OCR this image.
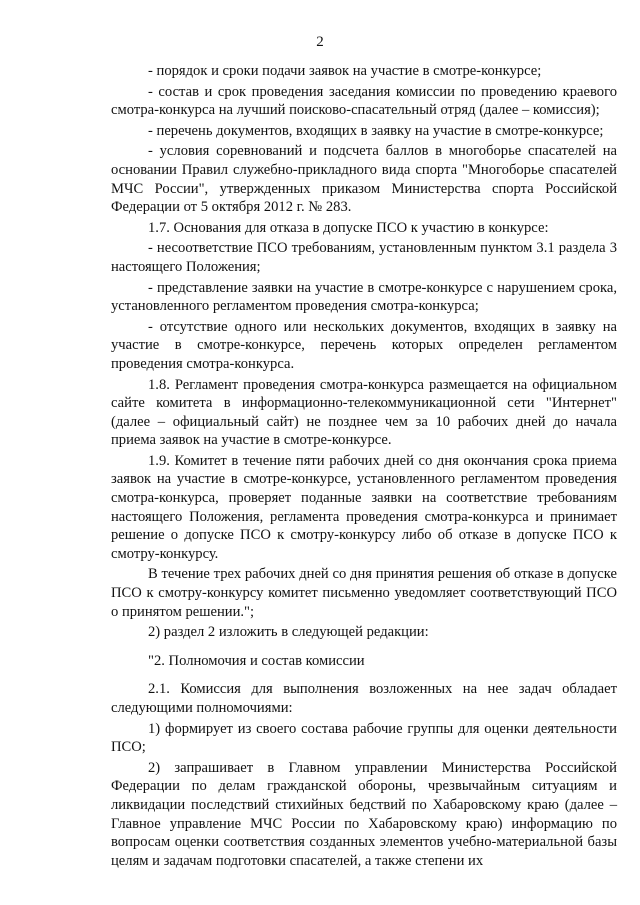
2

- порядок и сроки подачи заявок на участие в смотре-конкурсе;

- состав и срок проведения заседания комиссии по проведению краевого смотра-конкурса на лучший поисково-спасательный отряд (далее – комиссия);

- перечень документов, входящих в заявку на участие в смотре-конкурсе;

- условия соревнований и подсчета баллов в многоборье спасателей на основании Правил служебно-прикладного вида спорта "Многоборье спасателей МЧС России", утвержденных приказом Министерства спорта Российской Федерации от 5 октября 2012 г. № 283.

1.7. Основания для отказа в допуске ПСО к участию в конкурсе:

- несоответствие ПСО требованиям, установленным пунктом 3.1 раздела 3 настоящего Положения;

- представление заявки на участие в смотре-конкурсе с нарушением срока, установленного регламентом проведения смотра-конкурса;

- отсутствие одного или нескольких документов, входящих в заявку на участие в смотре-конкурсе, перечень которых определен регламентом проведения смотра-конкурса.

1.8. Регламент проведения смотра-конкурса размещается на официальном сайте комитета в информационно-телекоммуникационной сети "Интернет" (далее – официальный сайт) не позднее чем за 10 рабочих дней до начала приема заявок на участие в смотре-конкурсе.

1.9. Комитет в течение пяти рабочих дней со дня окончания срока приема заявок на участие в смотре-конкурсе, установленного регламентом проведения смотра-конкурса, проверяет поданные заявки на соответствие требованиям настоящего Положения, регламента проведения смотра-конкурса и принимает решение о допуске ПСО к смотру-конкурсу либо об отказе в допуске ПСО к смотру-конкурсу.

В течение трех рабочих дней со дня принятия решения об отказе в допуске ПСО к смотру-конкурсу комитет письменно уведомляет соответствующий ПСО о принятом решении.";

2) раздел 2 изложить в следующей редакции:

"2. Полномочия и состав комиссии

2.1. Комиссия для выполнения возложенных на нее задач обладает следующими полномочиями:

1) формирует из своего состава рабочие группы для оценки деятельности ПСО;

2) запрашивает в Главном управлении Министерства Российской Федерации по делам гражданской обороны, чрезвычайным ситуациям и ликвидации последствий стихийных бедствий по Хабаровскому краю (далее – Главное управление МЧС России по Хабаровскому краю) информацию по вопросам оценки соответствия созданных элементов учебно-материальной базы целям и задачам подготовки спасателей, а также степени их
